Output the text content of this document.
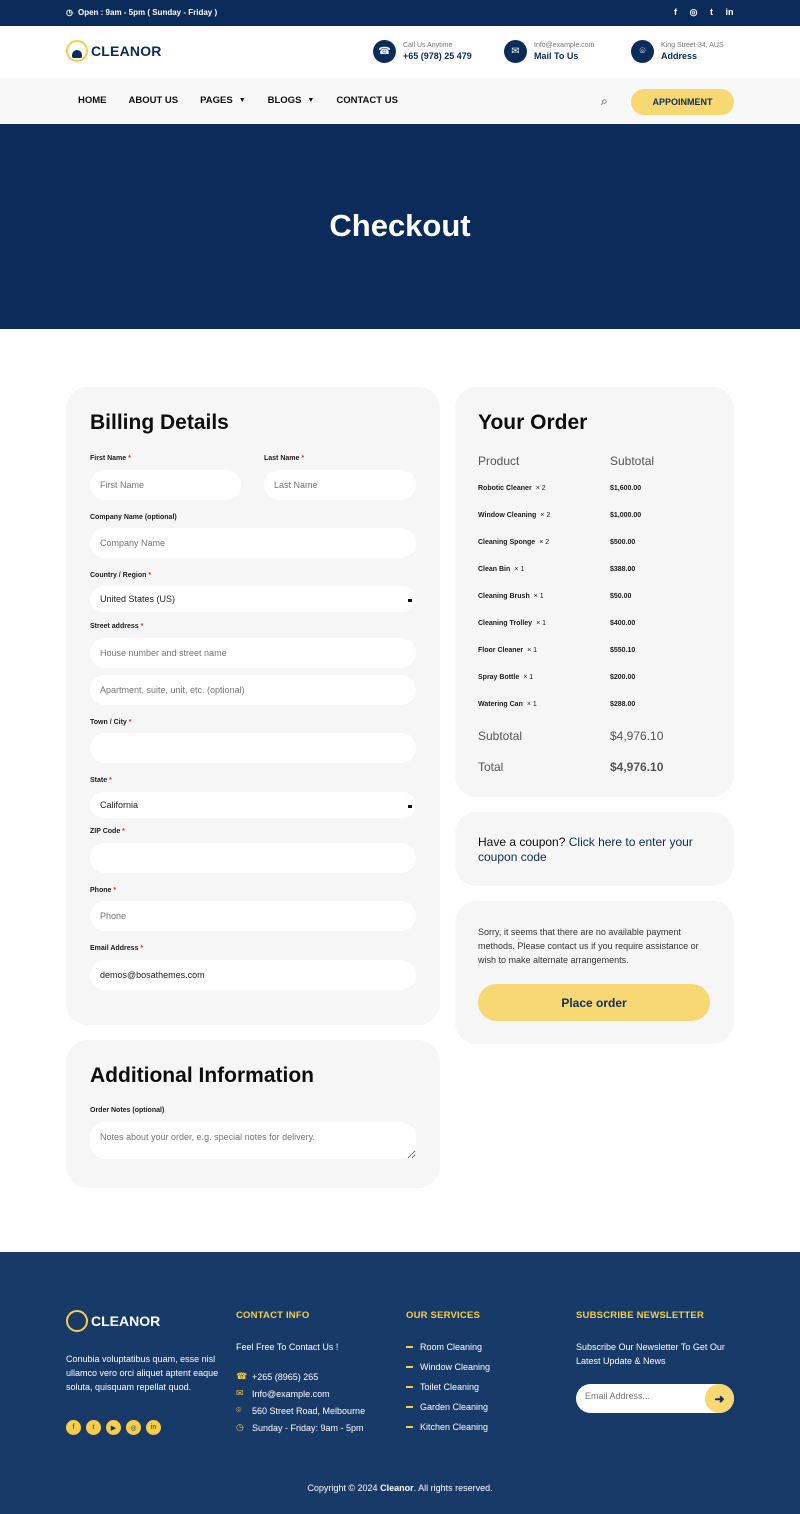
◷ Open : 9am - 5pm ( Sunday - Friday )	f	◎	t	in
CLEANOR	☎
Call Us Anytime
+65 (978) 25 479	✉
Info@example.com
Mail To Us	⌾
King Street-34, AUS
Address
HOME ABOUT US PAGES ▼ BLOGS ▼ CONTACT US	⌕	APPOINMENT
Checkout
Billing Details
First Name *
First Name	Last Name *
Last Name
Company Name (optional)
Company Name
Country / Region *
United States (US)
Street address *
House number and street name
Apartment, suite, unit, etc. (optional)
Town / City *
State *
California
ZIP Code *
Phone *
Phone
Email Address *
demos@bosathemes.com
Additional Information
Order Notes (optional)
Notes about your order, e.g. special notes for delivery.
Your Order
Product	Subtotal
Robotic Cleaner × 2	$1,600.00
Window Cleaning × 2	$1,000.00
Cleaning Sponge × 2	$500.00
Clean Bin × 1	$388.00
Cleaning Brush × 1	$50.00
Cleaning Trolley × 1	$400.00
Floor Cleaner × 1	$550.10
Spray Bottle × 1	$200.00
Watering Can × 1	$288.00
Subtotal	$4,976.10
Total	$4,976.10
Have a coupon? Click here to enter your coupon code

Sorry, it seems that there are no available payment methods. Please contact us if you require assistance or wish to make alternate arrangements.

Place order
CLEANOR

Conubia voluptatibus quam, esse nisl ullamco vero orci aliquet aptent eaque soluta, quisquam repellat quod.

f	t	▶	◎	in
CONTACT INFO
Feel Free To Contact Us !
☎ +265 (8965) 265
✉ Info@example.com
⌾	560 Street Road, Melbourne
◷ Sunday - Friday: 9am - 5pm
OUR SERVICES
Room Cleaning
Window Cleaning
Toilet Cleaning
Garden Cleaning
Kitchen Cleaning
SUBSCRIBE NEWSLETTER

Subscribe Our Newsletter To Get Our Latest Update & News

Email Address...
➜
Copyright © 2024 Cleanor. All rights reserved.
